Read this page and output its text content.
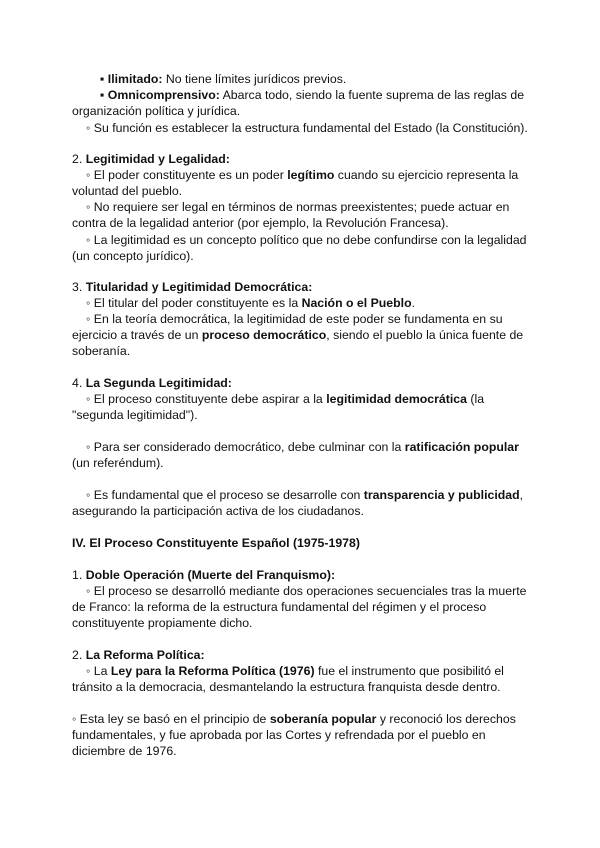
▪ Ilimitado: No tiene límites jurídicos previos.

▪ Omnicomprensivo: Abarca todo, siendo la fuente suprema de las reglas de organización política y jurídica.

◦ Su función es establecer la estructura fundamental del Estado (la Constitución).

2. Legitimidad y Legalidad:

◦ El poder constituyente es un poder legítimo cuando su ejercicio representa la voluntad del pueblo.

◦ No requiere ser legal en términos de normas preexistentes; puede actuar en contra de la legalidad anterior (por ejemplo, la Revolución Francesa).

◦ La legitimidad es un concepto político que no debe confundirse con la legalidad (un concepto jurídico).

3. Titularidad y Legitimidad Democrática:

◦ El titular del poder constituyente es la Nación o el Pueblo.

◦ En la teoría democrática, la legitimidad de este poder se fundamenta en su ejercicio a través de un proceso democrático, siendo el pueblo la única fuente de soberanía.

4. La Segunda Legitimidad:

◦ El proceso constituyente debe aspirar a la legitimidad democrática (la "segunda legitimidad").

◦ Para ser considerado democrático, debe culminar con la ratificación popular (un referéndum).

◦ Es fundamental que el proceso se desarrolle con transparencia y publicidad, asegurando la participación activa de los ciudadanos.

IV. El Proceso Constituyente Español (1975-1978)

1. Doble Operación (Muerte del Franquismo):

◦ El proceso se desarrolló mediante dos operaciones secuenciales tras la muerte de Franco: la reforma de la estructura fundamental del régimen y el proceso constituyente propiamente dicho.

2. La Reforma Política:

◦ La Ley para la Reforma Política (1976) fue el instrumento que posibilitó el tránsito a la democracia, desmantelando la estructura franquista desde dentro.

◦ Esta ley se basó en el principio de soberanía popular y reconoció los derechos fundamentales, y fue aprobada por las Cortes y refrendada por el pueblo en diciembre de 1976.
